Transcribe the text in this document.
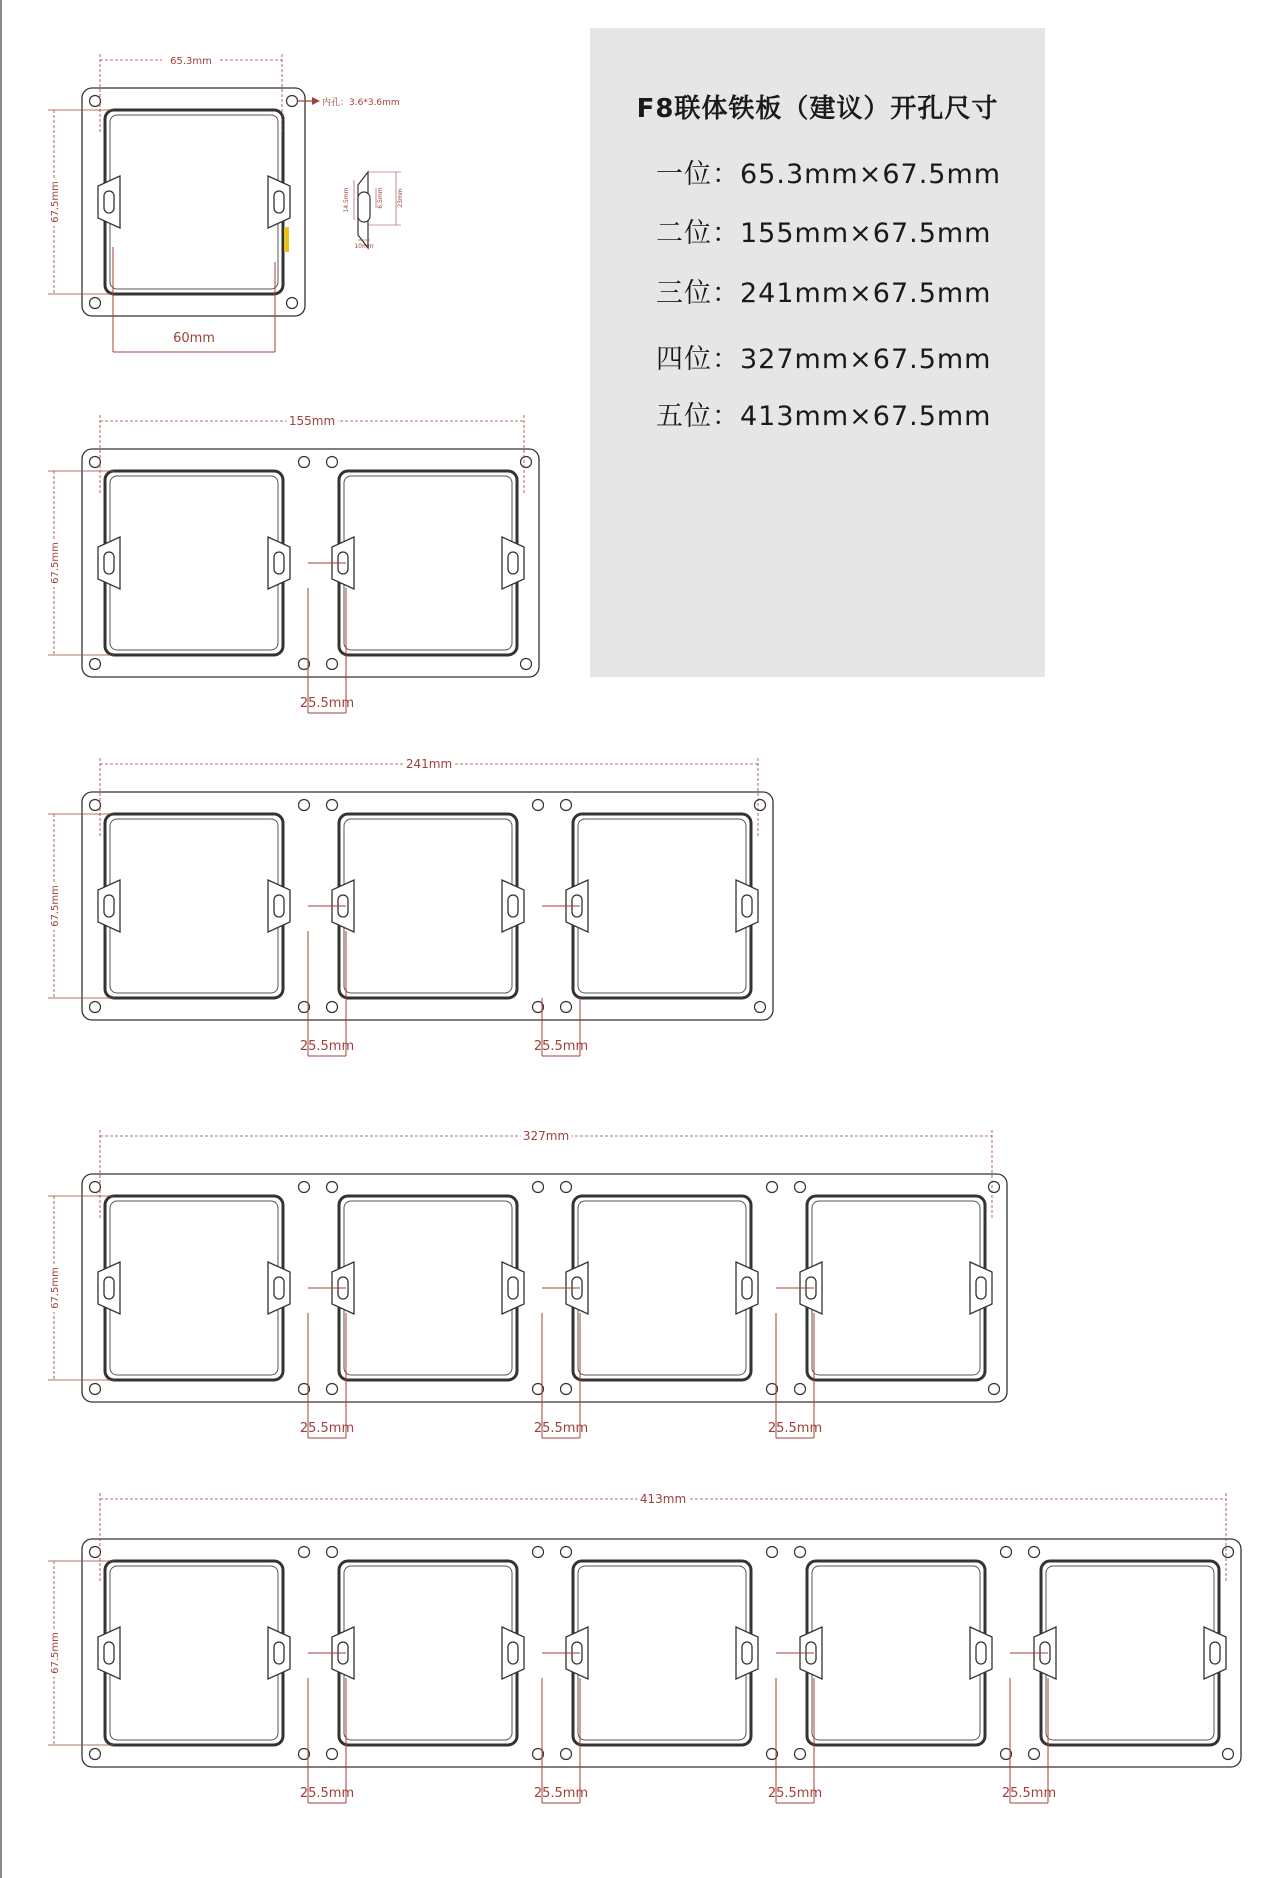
67.5mm
65.3mm
60mm
内孔：3.6*3.6mm
14.5mm	6.5mm 23mm
10mm
67.5mm
155mm
25.5mm
67.5mm
241mm
25.5mm	25.5mm
67.5mm
327mm
25.5mm	25.5mm	25.5mm
67.5mm
413mm
25.5mm	25.5mm	25.5mm	25.5mm
F8联体铁板（建议）开孔尺寸
一位：65.3mm×67.5mm
二位：155mm×67.5mm
三位：241mm×67.5mm
四位：327mm×67.5mm
五位：413mm×67.5mm
